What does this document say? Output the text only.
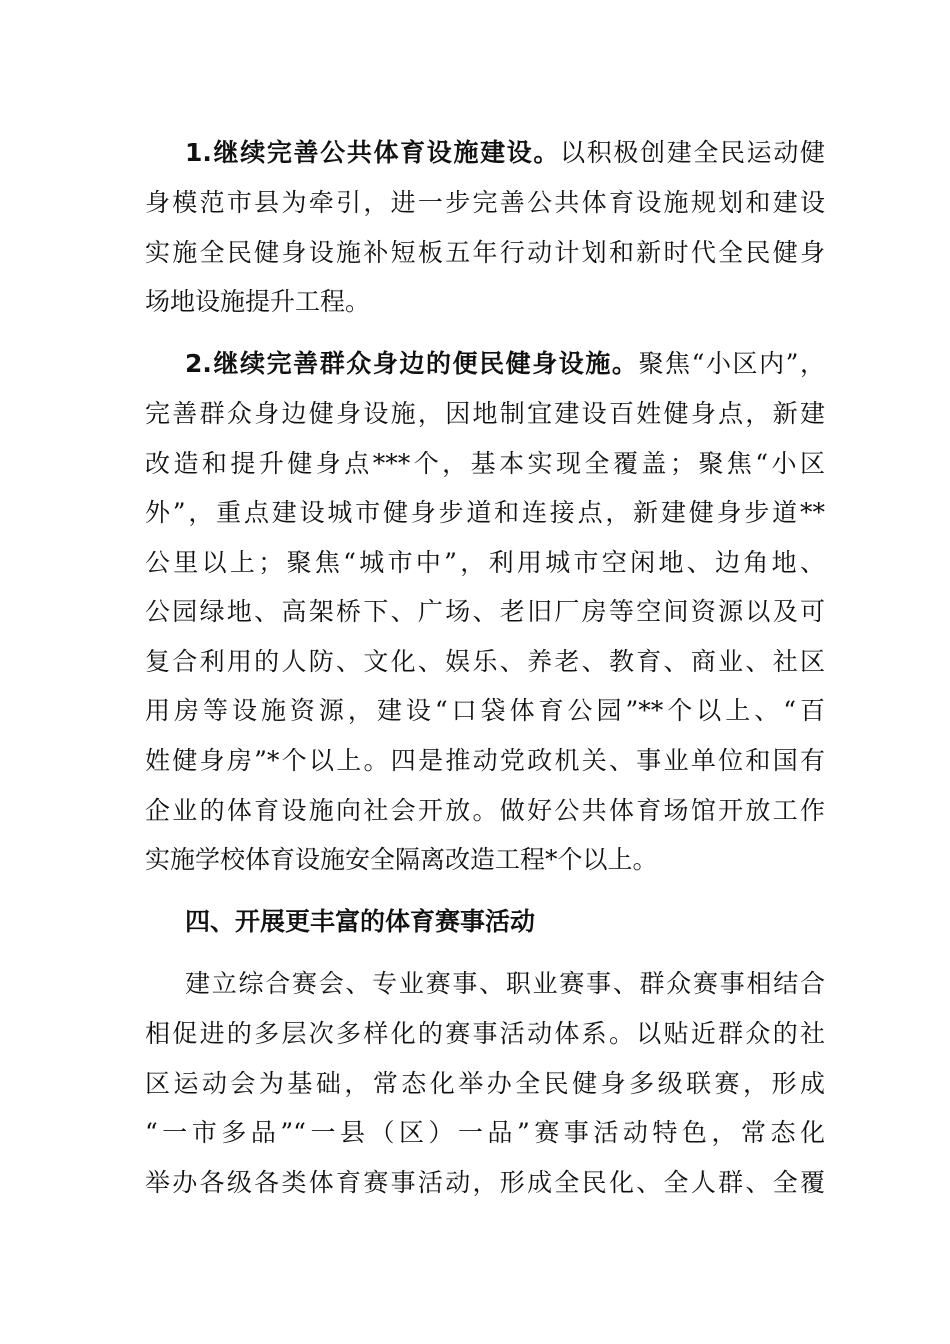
1.继续完善公共体育设施建设。以积极创建全民运动健
身模范市县为牵引，进一步完善公共体育设施规划和建设
实施全民健身设施补短板五年行动计划和新时代全民健身
场地设施提升工程。
2.继续完善群众身边的便民健身设施。聚焦“小区内”，
完善群众身边健身设施，因地制宜建设百姓健身点，新建
改造和提升健身点***个，基本实现全覆盖；聚焦“小区
外”，重点建设城市健身步道和连接点，新建健身步道**
公里以上；聚焦“城市中”，利用城市空闲地、边角地、
公园绿地、高架桥下、广场、老旧厂房等空间资源以及可
复合利用的人防、文化、娱乐、养老、教育、商业、社区
用房等设施资源，建设“口袋体育公园”**个以上、“百
姓健身房”*个以上。四是推动党政机关、事业单位和国有
企业的体育设施向社会开放。做好公共体育场馆开放工作
实施学校体育设施安全隔离改造工程*个以上。
四、开展更丰富的体育赛事活动
建立综合赛会、专业赛事、职业赛事、群众赛事相结合
相促进的多层次多样化的赛事活动体系。以贴近群众的社
区运动会为基础，常态化举办全民健身多级联赛，形成
“一市多品”“一县（区）一品”赛事活动特色，常态化
举办各级各类体育赛事活动，形成全民化、全人群、全覆
